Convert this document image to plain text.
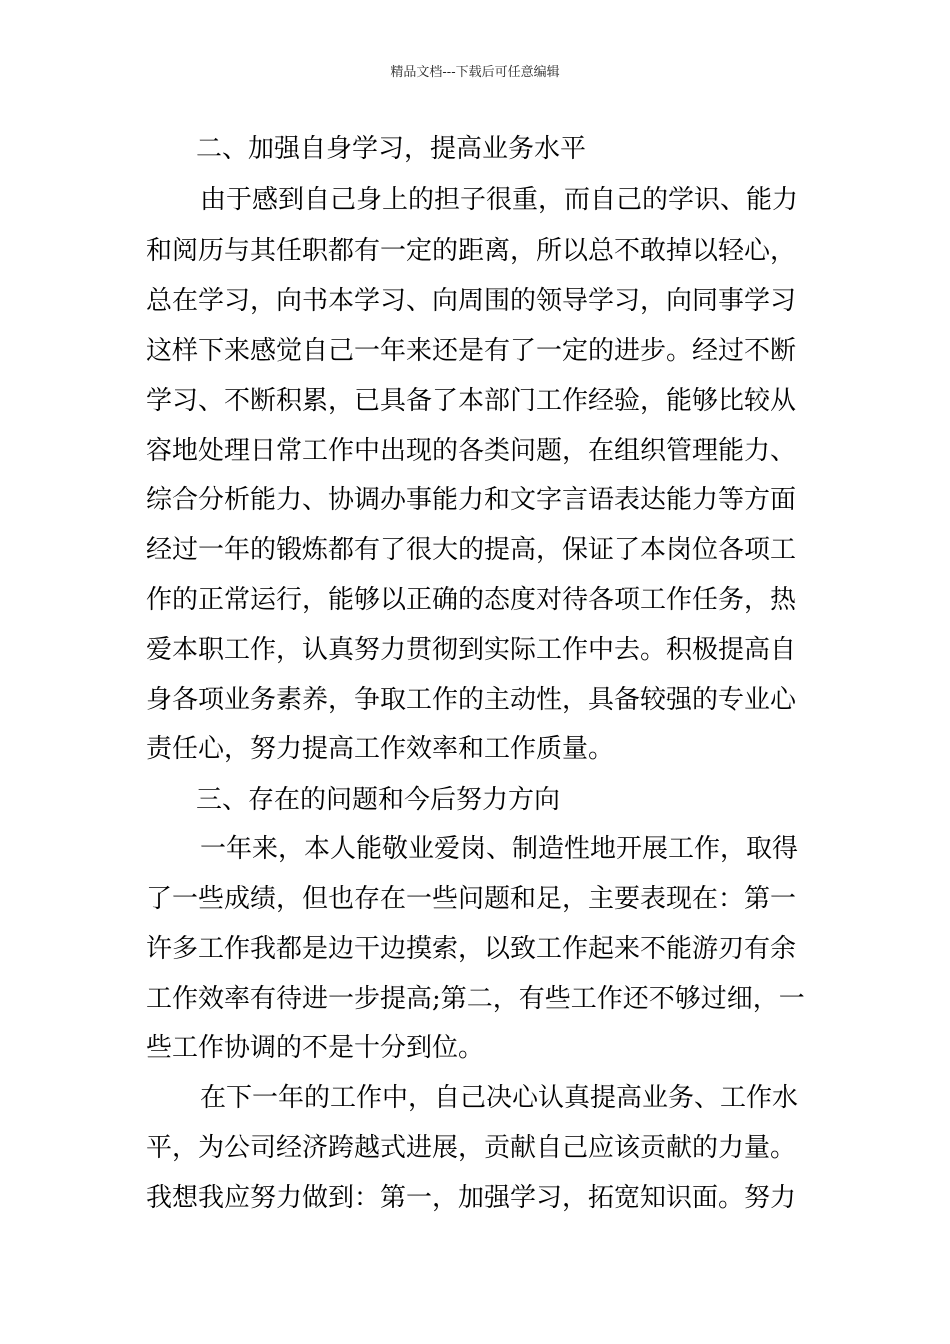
精品文档---下载后可任意编辑
二、加强自身学习，提高业务水平
由于感到自己身上的担子很重，而自己的学识、能力
和阅历与其任职都有一定的距离，所以总不敢掉以轻心，
总在学习，向书本学习、向周围的领导学习，向同事学习
这样下来感觉自己一年来还是有了一定的进步。经过不断
学习、不断积累，已具备了本部门工作经验，能够比较从
容地处理日常工作中出现的各类问题，在组织管理能力、
综合分析能力、协调办事能力和文字言语表达能力等方面
经过一年的锻炼都有了很大的提高，保证了本岗位各项工
作的正常运行，能够以正确的态度对待各项工作任务，热
爱本职工作，认真努力贯彻到实际工作中去。积极提高自
身各项业务素养，争取工作的主动性，具备较强的专业心
责任心，努力提高工作效率和工作质量。
三、存在的问题和今后努力方向
一年来，本人能敬业爱岗、制造性地开展工作，取得
了一些成绩，但也存在一些问题和足，主要表现在：第一
许多工作我都是边干边摸索，以致工作起来不能游刃有余
工作效率有待进一步提高;第二，有些工作还不够过细，一
些工作协调的不是十分到位。
在下一年的工作中，自己决心认真提高业务、工作水
平，为公司经济跨越式进展，贡献自己应该贡献的力量。
我想我应努力做到：第一，加强学习，拓宽知识面。努力
